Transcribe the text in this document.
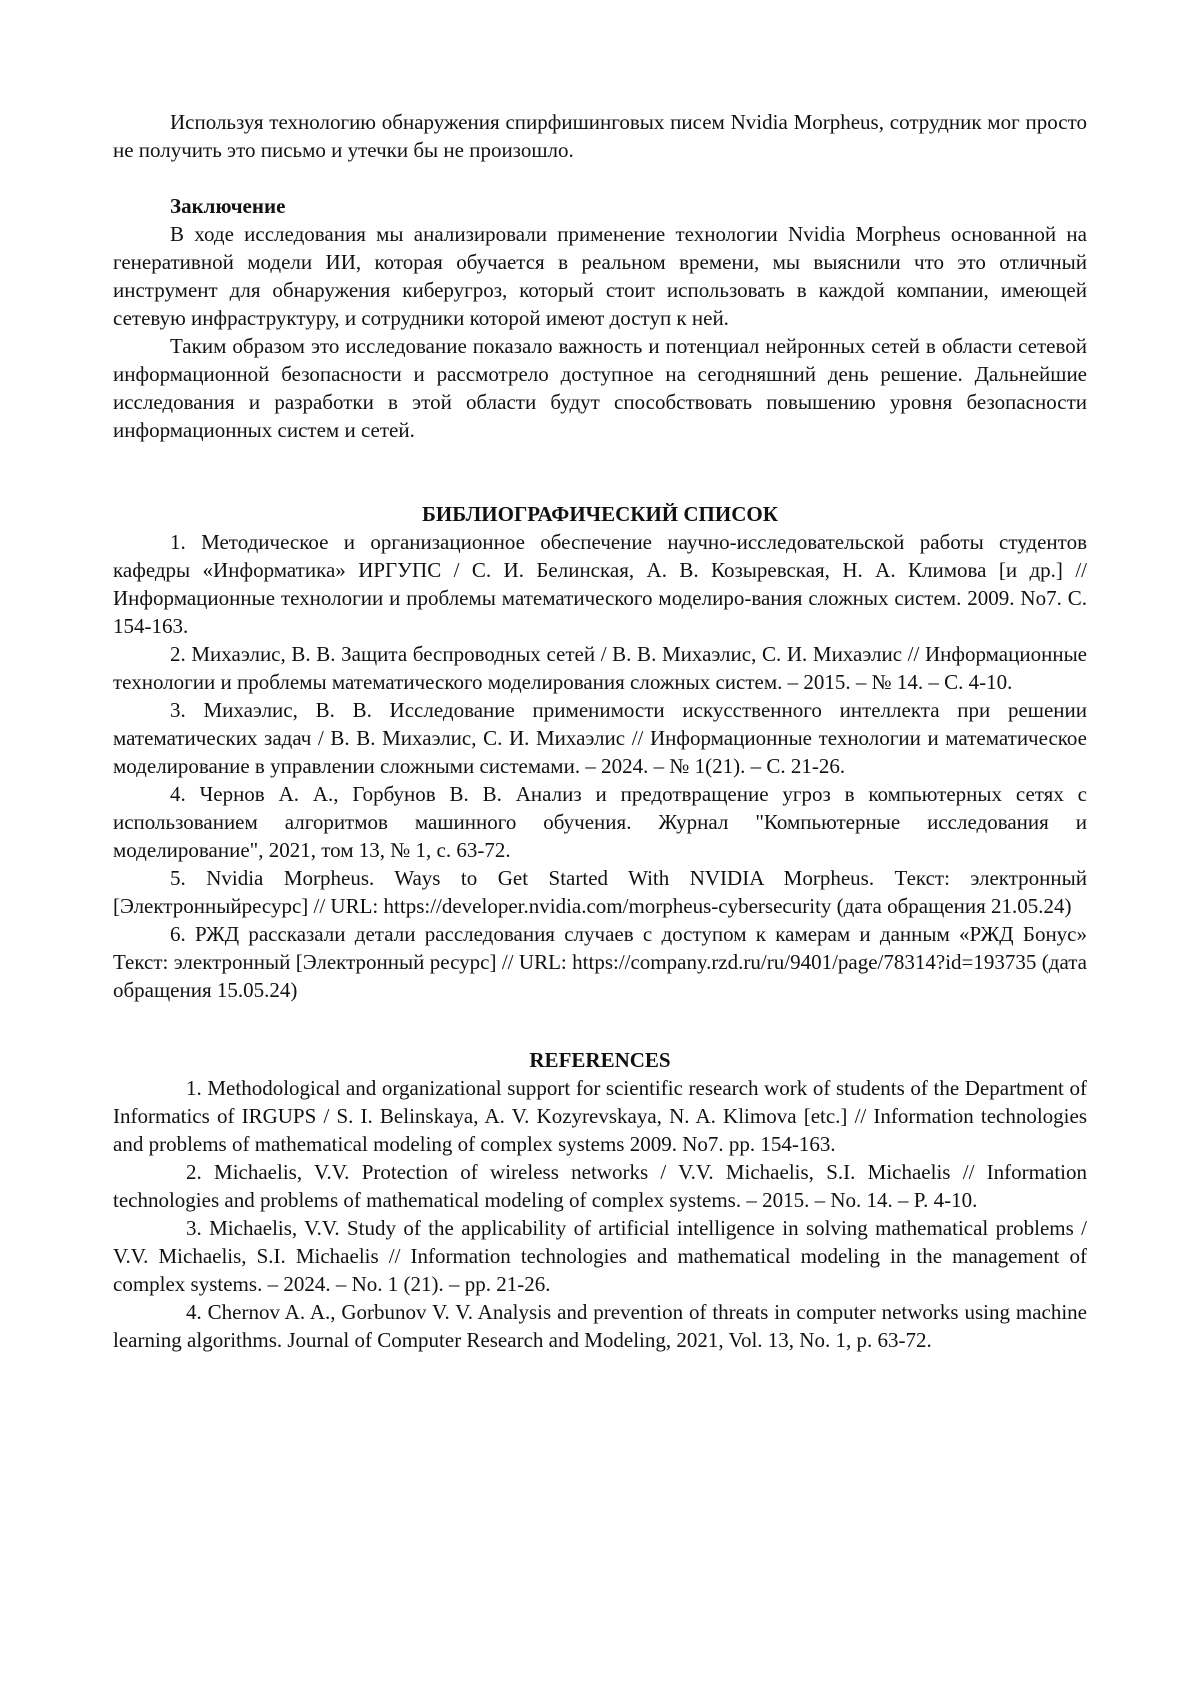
Используя технологию обнаружения спирфишинговых писем Nvidia Morpheus, сотрудник мог просто не получить это письмо и утечки бы не произошло.

Заключение

В ходе исследования мы анализировали применение технологии Nvidia Morpheus основанной на генеративной модели ИИ, которая обучается в реальном времени, мы выяснили что это отличный инструмент для обнаружения киберугроз, который стоит использовать в каждой компании, имеющей сетевую инфраструктуру, и сотрудники которой имеют доступ к ней.

Таким образом это исследование показало важность и потенциал нейронных сетей в области сетевой информационной безопасности и рассмотрело доступное на сегодняшний день решение. Дальнейшие исследования и разработки в этой области будут способствовать повышению уровня безопасности информационных систем и сетей.

БИБЛИОГРАФИЧЕСКИЙ СПИСОК

1. Методическое и организационное обеспечение научно-исследовательской работы студентов кафедры «Информатика» ИРГУПС / С. И. Белинская, А. В. Козыревская, Н. А. Климова [и др.] // Информационные технологии и проблемы математического моделиро-вания сложных систем. 2009. No7. С. 154-163.

2. Михаэлис, В. В. Защита беспроводных сетей / В. В. Михаэлис, С. И. Михаэлис // Информационные технологии и проблемы математического моделирования сложных систем. – 2015. – № 14. – С. 4-10.

3. Михаэлис, В. В. Исследование применимости искусственного интеллекта при решении математических задач / В. В. Михаэлис, С. И. Михаэлис // Информационные технологии и математическое моделирование в управлении сложными системами. – 2024. – № 1(21). – С. 21-26.

4. Чернов А. А., Горбунов В. В. Анализ и предотвращение угроз в компьютерных сетях с использованием алгоритмов машинного обучения. Журнал "Компьютерные исследования и моделирование", 2021, том 13, № 1, с. 63-72.

5. Nvidia Morpheus. Ways to Get Started With NVIDIA Morpheus. Текст: электронный [Электронныйресурс] // URL: https://developer.nvidia.com/morpheus-cybersecurity (дата обращения 21.05.24)

6. РЖД рассказали детали расследования случаев с доступом к камерам и данным «РЖД Бонус» Текст: электронный [Электронный ресурс] // URL: https://company.rzd.ru/ru/9401/page/78314?id=193735 (дата обращения 15.05.24)

REFERENCES

1. Methodological and organizational support for scientific research work of students of the Department of Informatics of IRGUPS / S. I. Belinskaya, A. V. Kozyrevskaya, N. A. Klimova [etc.] // Information technologies and problems of mathematical modeling of complex systems 2009. No7. pp. 154-163.

2. Michaelis, V.V. Protection of wireless networks / V.V. Michaelis, S.I. Michaelis // Information technologies and problems of mathematical modeling of complex systems. – 2015. – No. 14. – P. 4-10.

3. Michaelis, V.V. Study of the applicability of artificial intelligence in solving mathematical problems / V.V. Michaelis, S.I. Michaelis // Information technologies and mathematical modeling in the management of complex systems. – 2024. – No. 1 (21). – pp. 21-26.

4. Chernov A. A., Gorbunov V. V. Analysis and prevention of threats in computer networks using machine learning algorithms. Journal of Computer Research and Modeling, 2021, Vol. 13, No. 1, p. 63-72.
